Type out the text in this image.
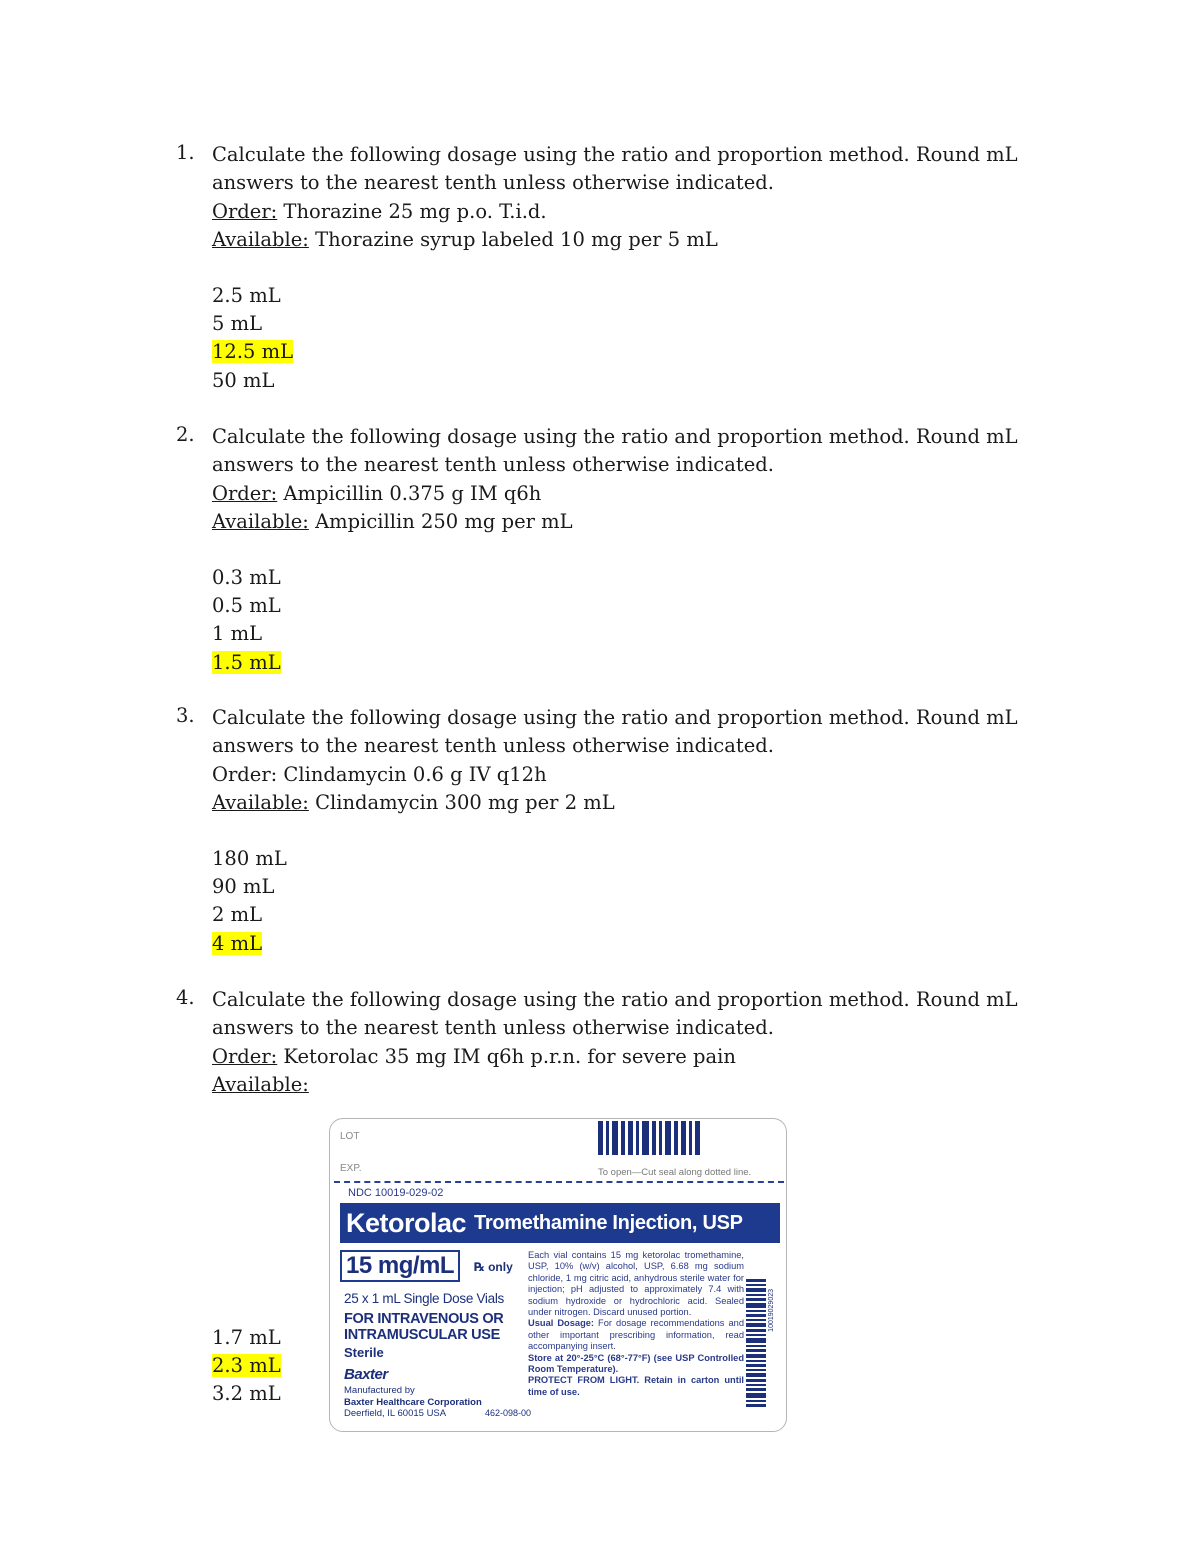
1. Calculate the following dosage using the ratio and proportion method. Round mL
answers to the nearest tenth unless otherwise indicated.
Order: Thorazine 25 mg p.o. T.i.d.
Available: Thorazine syrup labeled 10 mg per 5 mL
2.5 mL
5 mL
12.5 mL
50 mL
2. Calculate the following dosage using the ratio and proportion method. Round mL
answers to the nearest tenth unless otherwise indicated.
Order: Ampicillin 0.375 g IM q6h
Available: Ampicillin 250 mg per mL
0.3 mL
0.5 mL
1 mL
1.5 mL
3. Calculate the following dosage using the ratio and proportion method. Round mL
answers to the nearest tenth unless otherwise indicated.
Order: Clindamycin 0.6 g IV q12h
Available: Clindamycin 300 mg per 2 mL
180 mL
90 mL
2 mL
4 mL
4. Calculate the following dosage using the ratio and proportion method. Round mL
answers to the nearest tenth unless otherwise indicated.
Order: Ketorolac 35 mg IM q6h p.r.n. for severe pain
Available:
1.7 mL
2.3 mL
3.2 mL
LOT
EXP.	To open—Cut seal along dotted line.
NDC 10019-029-02
Ketorolac Tromethamine Injection, USP
15 mg/mL	℞ only
25 x 1 mL Single Dose Vials
FOR INTRAVENOUS OR
INTRAMUSCULAR USE
Sterile
Baxter
Manufactured by
Baxter Healthcare Corporation
Deerfield, IL 60015 USA	462-098-00

Each vial contains 15 mg ketorolac tromethamine, USP, 10% (w/v) alcohol, USP, 6.68 mg sodium chloride, 1 mg citric acid, anhydrous sterile water for injection; pH adjusted to approximately 7.4 with sodium hydroxide or hydrochloric acid. Sealed under nitrogen. Discard unused portion.

Usual Dosage: For dosage recommendations and other important prescribing information, read accompanying insert.

Store at 20°-25°C (68°-77°F) (see USP Controlled Room Temperature).

PROTECT FROM LIGHT. Retain in carton until time of use.

10019029023
